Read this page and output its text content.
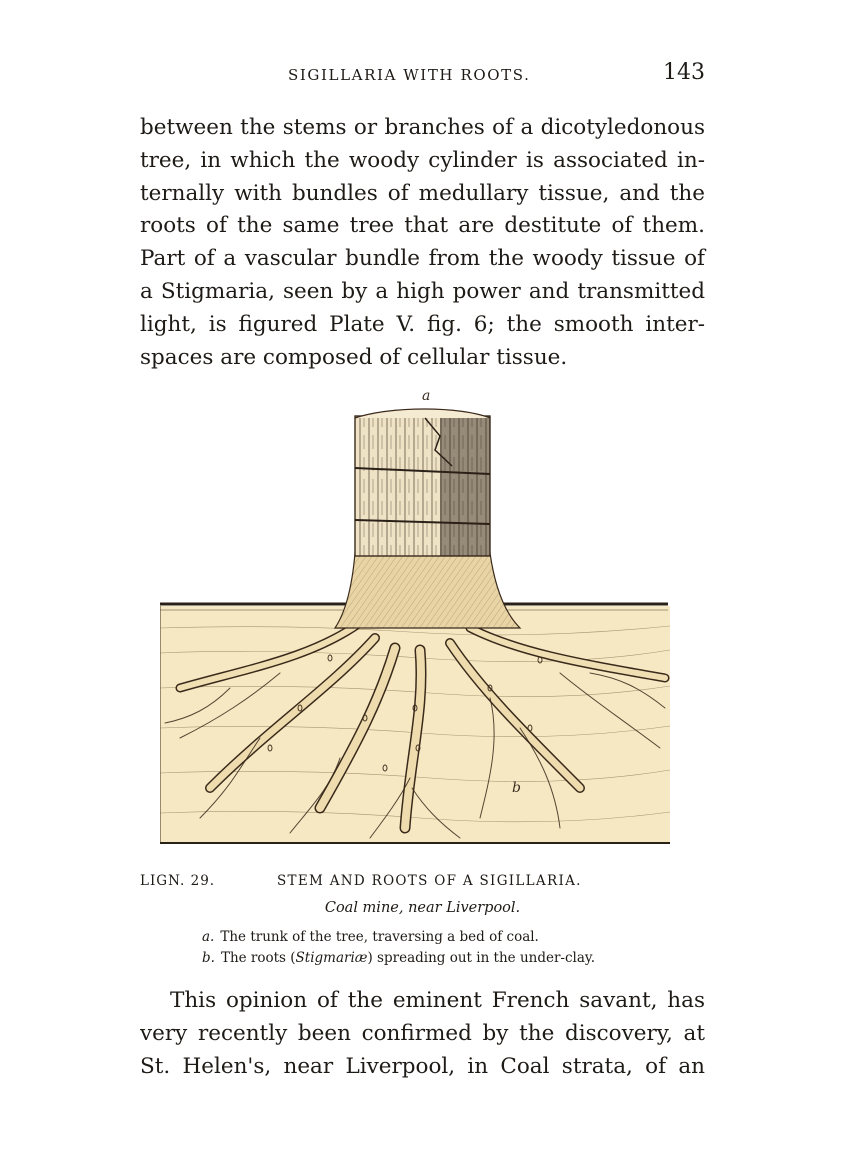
SIGILLARIA WITH ROOTS.	143
between the stems or branches of a dicotyledonous
tree, in which the woody cylinder is associated in-
ternally with bundles of medullary tissue, and the
roots of the same tree that are destitute of them.
Part of a vascular bundle from the woody tissue of
a Stigmaria, seen by a high power and transmitted
light, is figured Plate V. fig. 6; the smooth inter-
spaces are composed of cellular tissue.
a
b
LIGN. 29.	STEM AND ROOTS OF A SIGILLARIA.
Coal mine, near Liverpool.
a. The trunk of the tree, traversing a bed of coal.
b. The roots (Stigmariæ) spreading out in the under-clay.
This opinion of the eminent French savant, has
very recently been confirmed by the discovery, at
St. Helen's, near Liverpool, in Coal strata, of an
